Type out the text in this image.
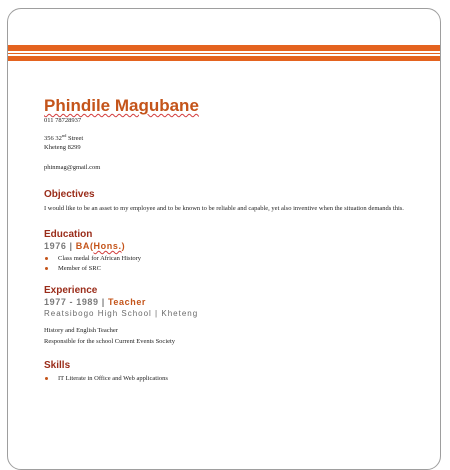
Phindile Magubane

011 78728937

356 32nd Street

Kheteng 8299

phinmag@gmail.com

Objectives

I would like to be an asset to my employee and to be known to be reliable and capable, yet also inventive when the situation demands this.

Education

1976 | BA(Hons.)

Class medal for African History
Member of SRC

Experience

1977 - 1989 | Teacher

Reatsibogo High School | Kheteng

History and English Teacher

Responsible for the school Current Events Society

Skills

IT Literate in Office and Web applications
